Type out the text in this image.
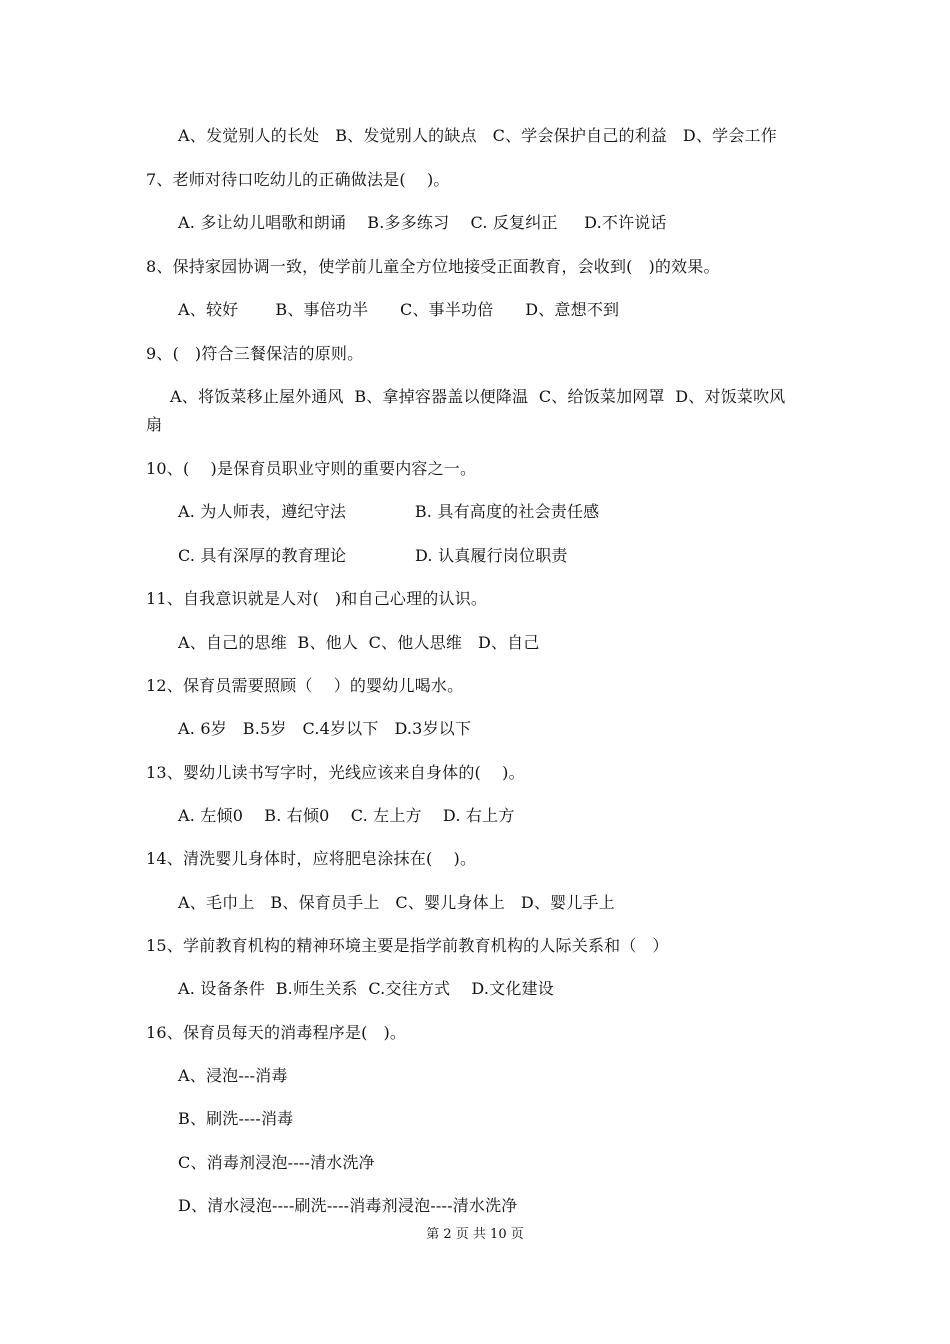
A、发觉别人的长处   B、发觉别人的缺点   C、学会保护自己的利益   D、学会工作
7、老师对待口吃幼儿的正确做法是(    )。
A. 多让幼儿唱歌和朗诵    B.多多练习    C. 反复纠正     D.不许说话
8、保持家园协调一致，使学前儿童全方位地接受正面教育，会收到(   )的效果。
A、较好       B、事倍功半      C、事半功倍      D、意想不到
9、(   )符合三餐保洁的原则。
A、将饭菜移止屋外通风  B、拿掉容器盖以便降温  C、给饭菜加网罩  D、对饭菜吹风
扇
10、(    )是保育员职业守则的重要内容之一。
A. 为人师表，遵纪守法             B. 具有高度的社会责任感
C. 具有深厚的教育理论             D. 认真履行岗位职责
11、自我意识就是人对(   )和自己心理的认识。
A、自己的思维  B、他人  C、他人思维   D、自己
12、保育员需要照顾（    ）的婴幼儿喝水。
A. 6岁   B.5岁   C.4岁以下   D.3岁以下
13、婴幼儿读书写字时，光线应该来自身体的(    )。
A. 左倾0    B. 右倾0    C. 左上方    D. 右上方
14、清洗婴儿身体时，应将肥皂涂抹在(    )。
A、毛巾上   B、保育员手上   C、婴儿身体上   D、婴儿手上
15、学前教育机构的精神环境主要是指学前教育机构的人际关系和（   ）
A. 设备条件  B.师生关系  C.交往方式    D.文化建设
16、保育员每天的消毒程序是(   )。
A、浸泡---消毒
B、刷洗----消毒
C、消毒剂浸泡----清水洗净
D、清水浸泡----刷洗----消毒剂浸泡----清水洗净
第 2 页 共 10 页
